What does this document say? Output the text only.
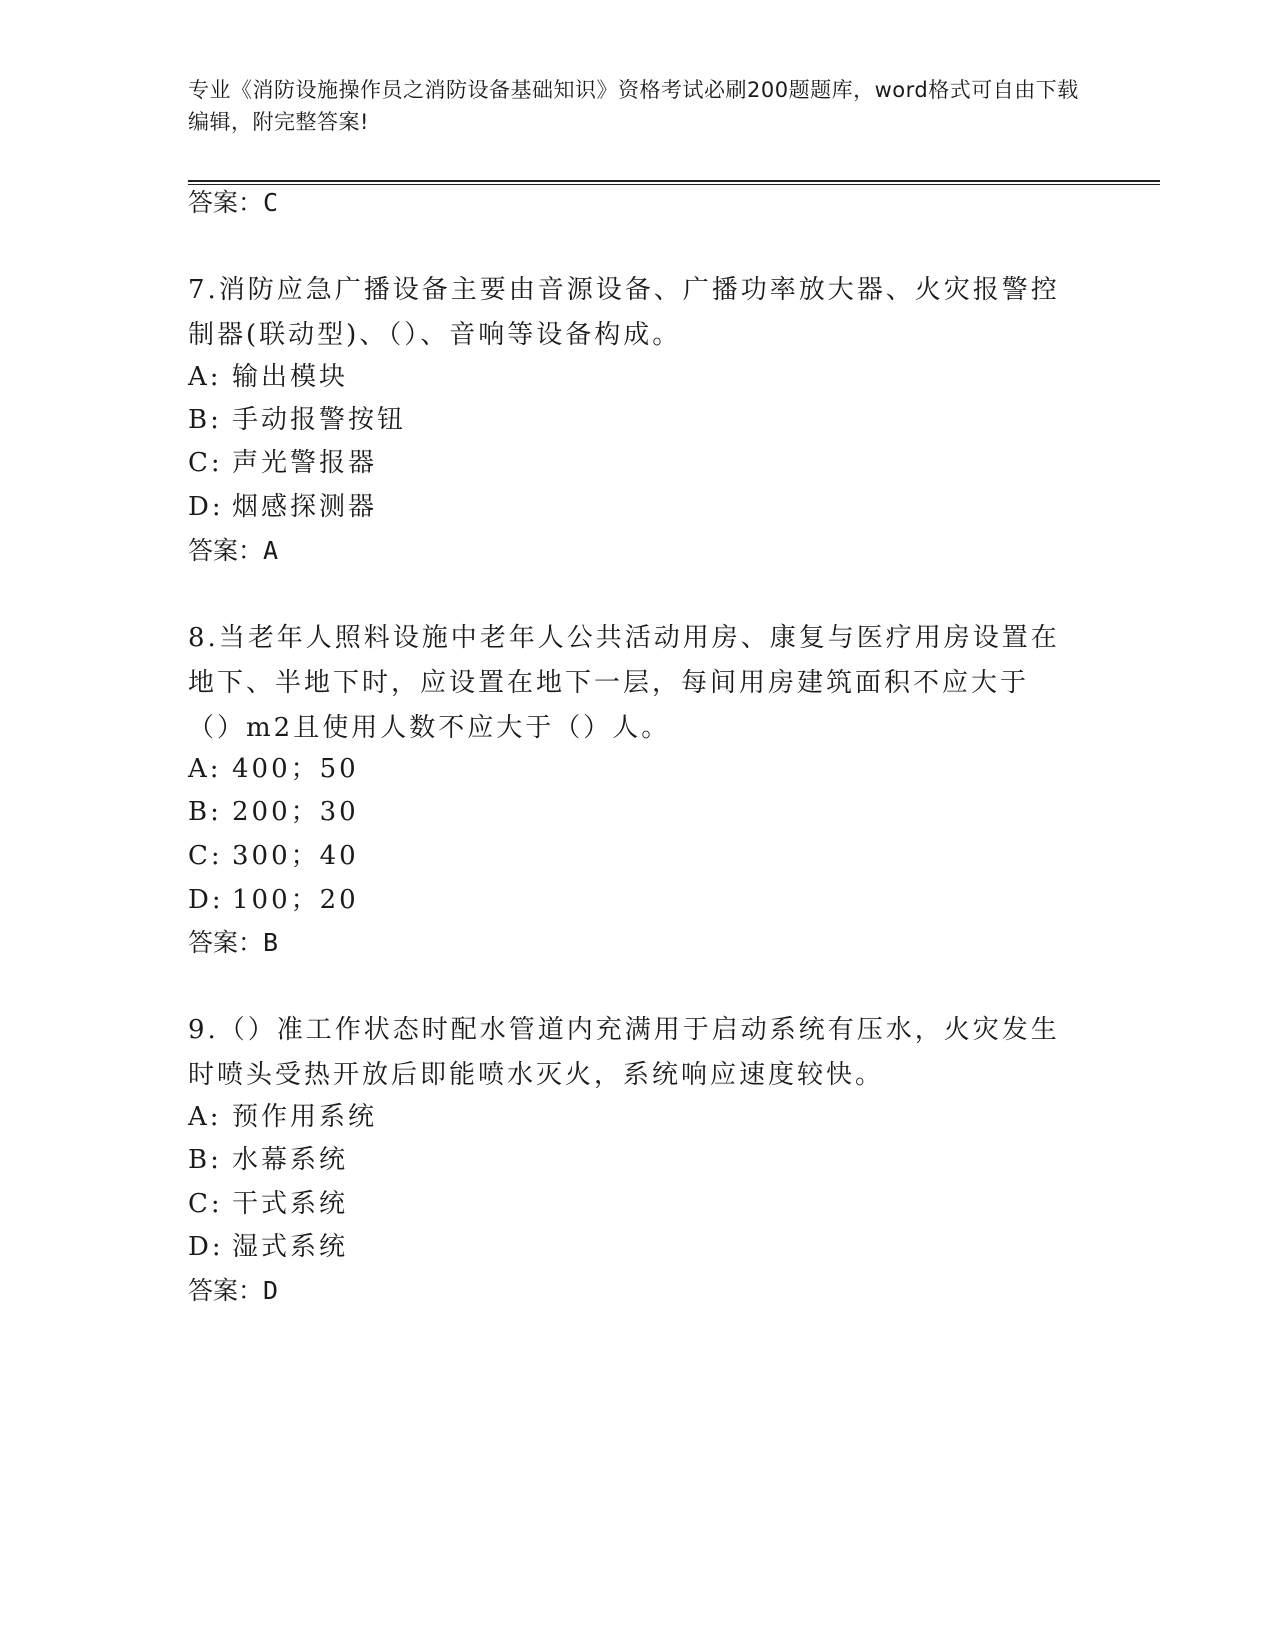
专业《消防设施操作员之消防设备基础知识》资格考试必刷200题题库，word格式可自由下载编辑，附完整答案!
答案：C
7.消防应急广播设备主要由音源设备、广播功率放大器、火灾报警控制器(联动型)、（）、音响等设备构成。
A: 输出模块
B: 手动报警按钮
C: 声光警报器
D: 烟感探测器
答案：A
8.当老年人照料设施中老年人公共活动用房、康复与医疗用房设置在地下、半地下时，应设置在地下一层，每间用房建筑面积不应大于（）m2且使用人数不应大于（）人。
A: 400；50
B: 200；30
C: 300；40
D: 100；20
答案：B
9.（）准工作状态时配水管道内充满用于启动系统有压水，火灾发生时喷头受热开放后即能喷水灭火，系统响应速度较快。
A: 预作用系统
B: 水幕系统
C: 干式系统
D: 湿式系统
答案：D
